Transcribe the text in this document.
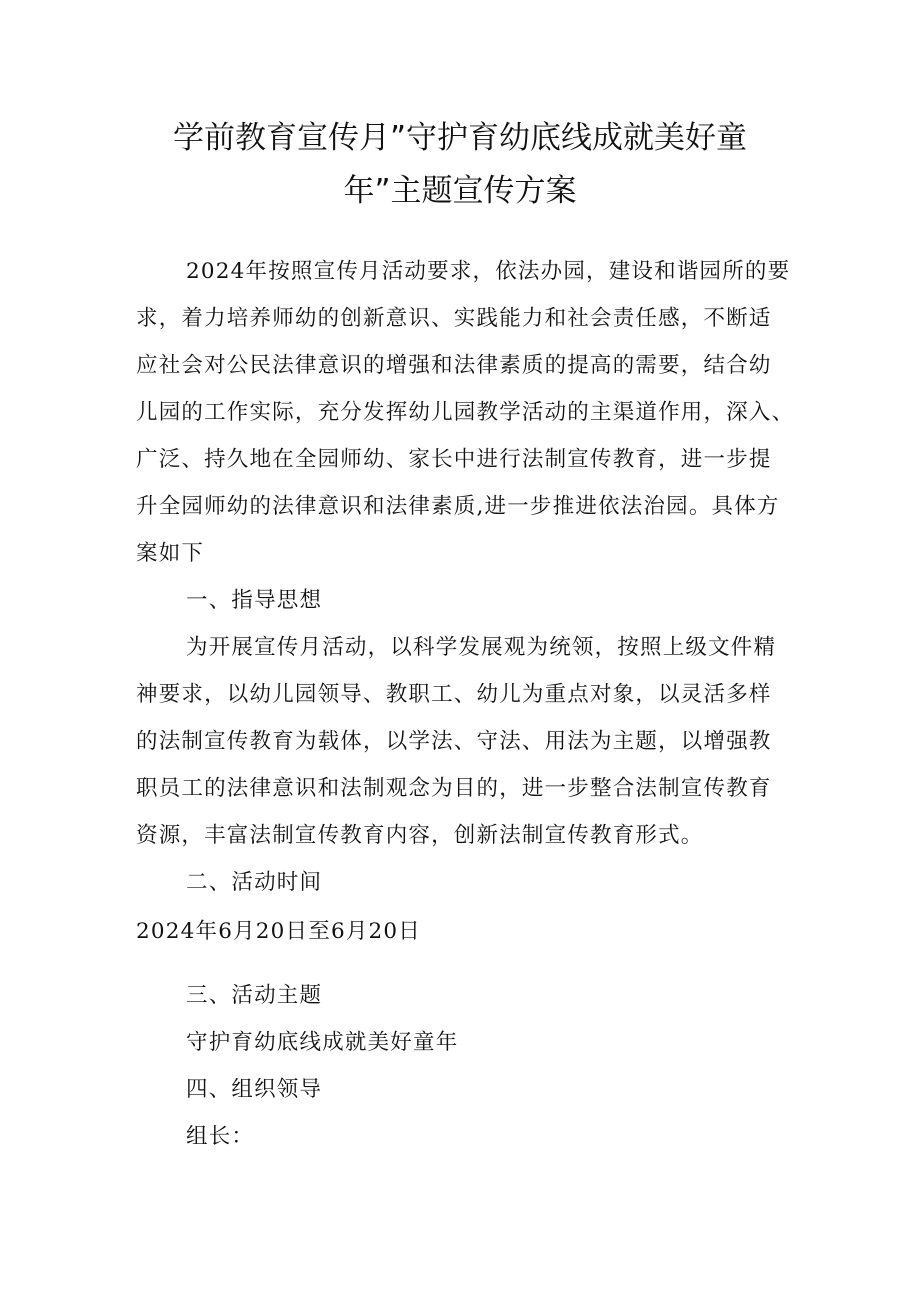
学前教育宣传月”守护育幼底线成就美好童
年”主题宣传方案

2024年按照宣传月活动要求，依法办园，建设和谐园所的要

求，着力培养师幼的创新意识、实践能力和社会责任感，不断适

应社会对公民法律意识的增强和法律素质的提高的需要，结合幼

儿园的工作实际，充分发挥幼儿园教学活动的主渠道作用，深入、

广泛、持久地在全园师幼、家长中进行法制宣传教育，进一步提

升全园师幼的法律意识和法律素质,进一步推进依法治园。具体方

案如下

一、指导思想

为开展宣传月活动，以科学发展观为统领，按照上级文件精

神要求，以幼儿园领导、教职工、幼儿为重点对象，以灵活多样

的法制宣传教育为载体，以学法、守法、用法为主题，以增强教

职员工的法律意识和法制观念为目的，进一步整合法制宣传教育

资源，丰富法制宣传教育内容，创新法制宣传教育形式。

二、活动时间

2024年6月20日至6月20日

三、活动主题

守护育幼底线成就美好童年

四、组织领导

组长：
